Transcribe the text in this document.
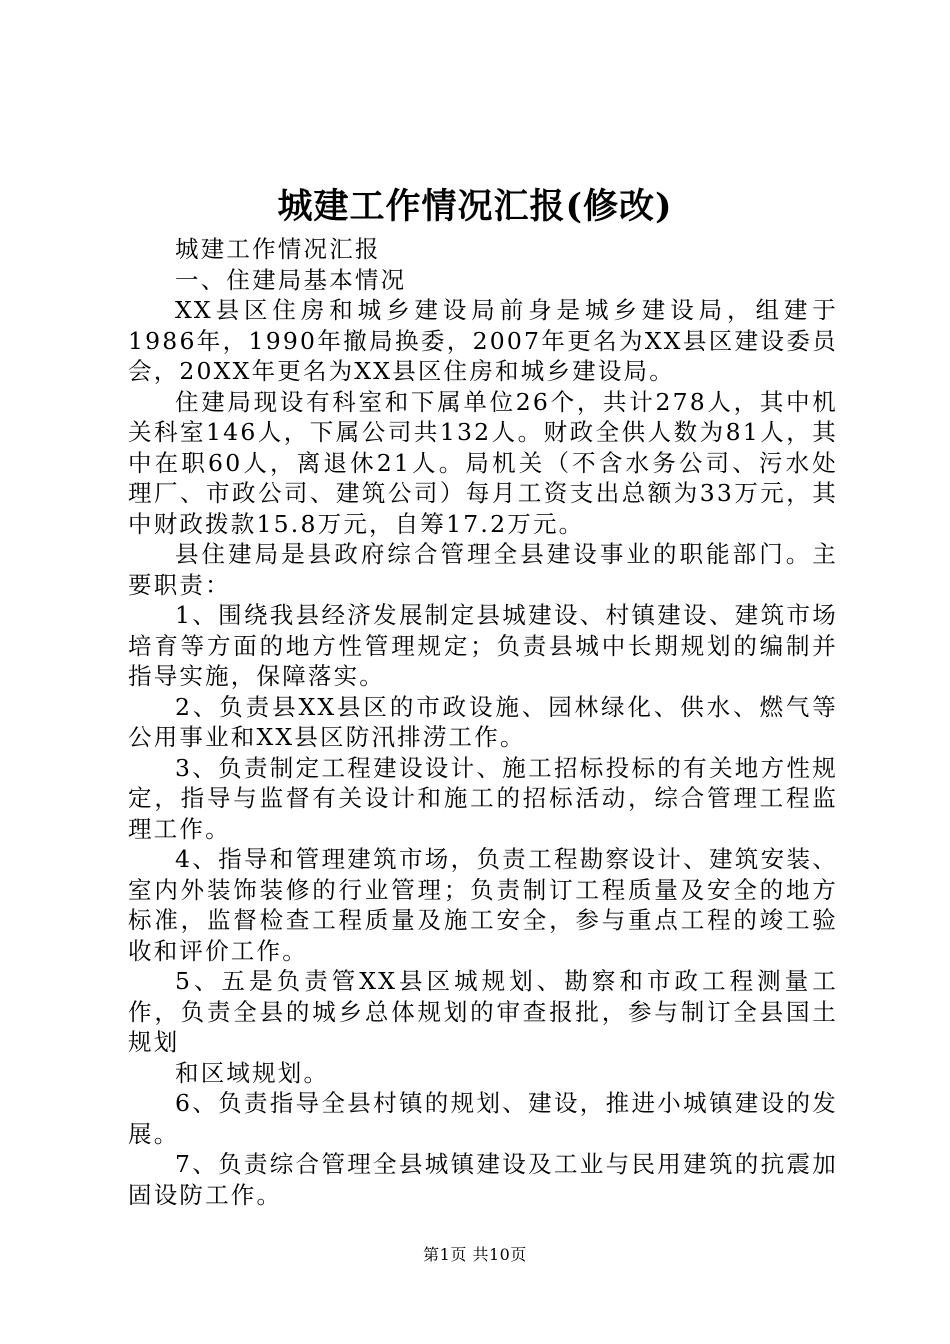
城建工作情况汇报(修改)

城建工作情况汇报

一、住建局基本情况

XX县区住房和城乡建设局前身是城乡建设局，组建于1986年，1990年撤局换委，2007年更名为XX县区建设委员会，20XX年更名为XX县区住房和城乡建设局。

住建局现设有科室和下属单位26个，共计278人，其中机关科室146人，下属公司共132人。财政全供人数为81人，其中在职60人，离退休21人。局机关（不含水务公司、污水处理厂、市政公司、建筑公司）每月工资支出总额为33万元，其中财政拨款15.8万元，自筹17.2万元。

县住建局是县政府综合管理全县建设事业的职能部门。主要职责：

1、围绕我县经济发展制定县城建设、村镇建设、建筑市场培育等方面的地方性管理规定；负责县城中长期规划的编制并指导实施，保障落实。

2、负责县XX县区的市政设施、园林绿化、供水、燃气等公用事业和XX县区防汛排涝工作。

3、负责制定工程建设设计、施工招标投标的有关地方性规定，指导与监督有关设计和施工的招标活动，综合管理工程监理工作。

4、指导和管理建筑市场，负责工程勘察设计、建筑安装、室内外装饰装修的行业管理；负责制订工程质量及安全的地方标准，监督检查工程质量及施工安全，参与重点工程的竣工验收和评价工作。

5、五是负责管XX县区城规划、勘察和市政工程测量工作，负责全县的城乡总体规划的审查报批，参与制订全县国土规划

和区域规划。

6、负责指导全县村镇的规划、建设，推进小城镇建设的发展。

7、负责综合管理全县城镇建设及工业与民用建筑的抗震加固设防工作。

第1页 共10页
